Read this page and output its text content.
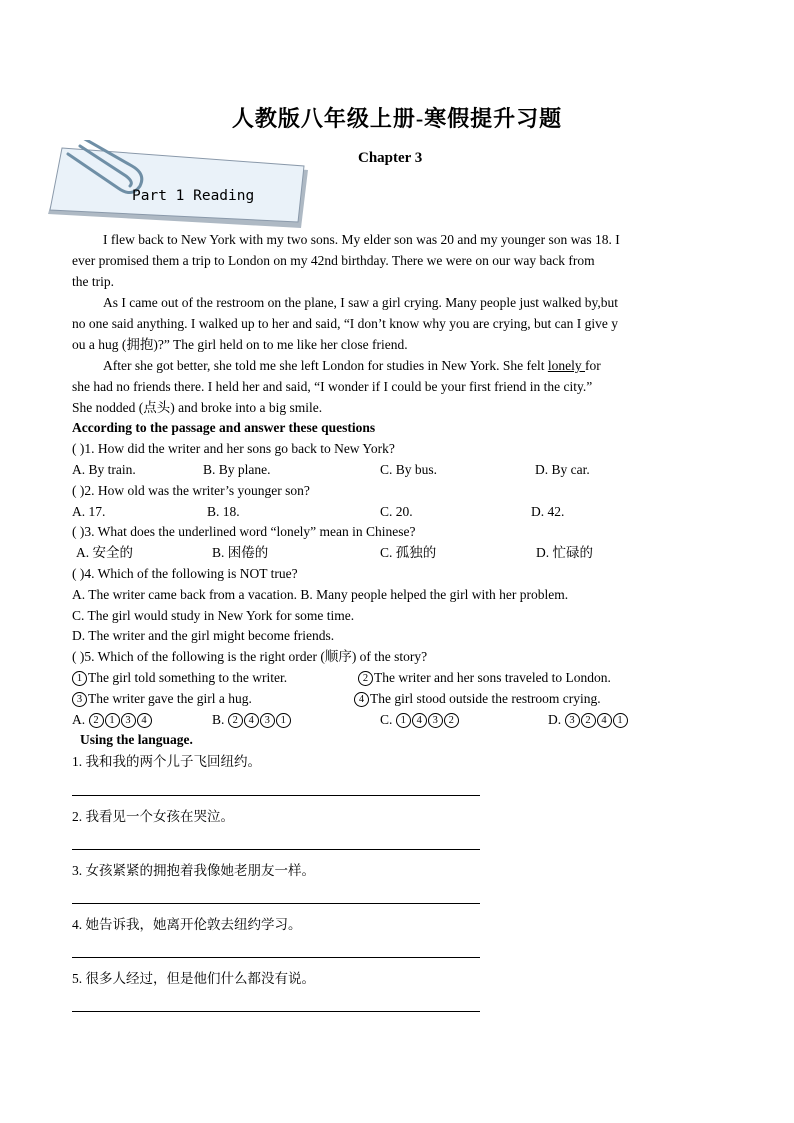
人教版八年级上册-寒假提升习题
Chapter 3
Part 1 Reading
I flew back to New York with my two sons. My elder son was 20 and my younger son was 18. I
ever promised them a trip to London on my 42nd birthday. There we were on our way back from
the trip.
As I came out of the restroom on the plane, I saw a girl crying. Many people just walked by,but
no one said anything. I walked up to her and said, “I don’t know why you are crying, but can I give y
ou a hug (拥抱)?” The girl held on to me like her close friend.
After she got better, she told me she left London for studies in New York. She felt lonely for
she had no friends there. I held her and said, “I wonder if I could be your first friend in the city.”
She nodded (点头) and broke into a big smile.
According to the passage and answer these questions
( )1. How did the writer and her sons go back to New York?
A. By train.	B. By plane.	C. By bus.	D. By car.
( )2. How old was the writer’s younger son?
A. 17.	B. 18.	C. 20.	D. 42.
( )3. What does the underlined word “lonely” mean in Chinese?
A. 安全的	B. 困倦的	C. 孤独的	D. 忙碌的
( )4. Which of the following is NOT true?
A. The writer came back from a vacation. B. Many people helped the girl with her problem.
C. The girl would study in New York for some time.
D. The writer and the girl might become friends.
( )5. Which of the following is the right order (顺序) of the story?
1 The girl told something to the writer.	2 The writer and her sons traveled to London.
3 The writer gave the girl a hug.	4 The girl stood outside the restroom crying.
A. 2 1 3 4	B. 2 4 3 1	C. 1 4 3 2	D. 3 2 4 1
Using the language.
1. 我和我的两个儿子飞回纽约。
2. 我看见一个女孩在哭泣。
3. 女孩紧紧的拥抱着我像她老朋友一样。
4. 她告诉我，她离开伦敦去纽约学习。
5. 很多人经过，但是他们什么都没有说。
